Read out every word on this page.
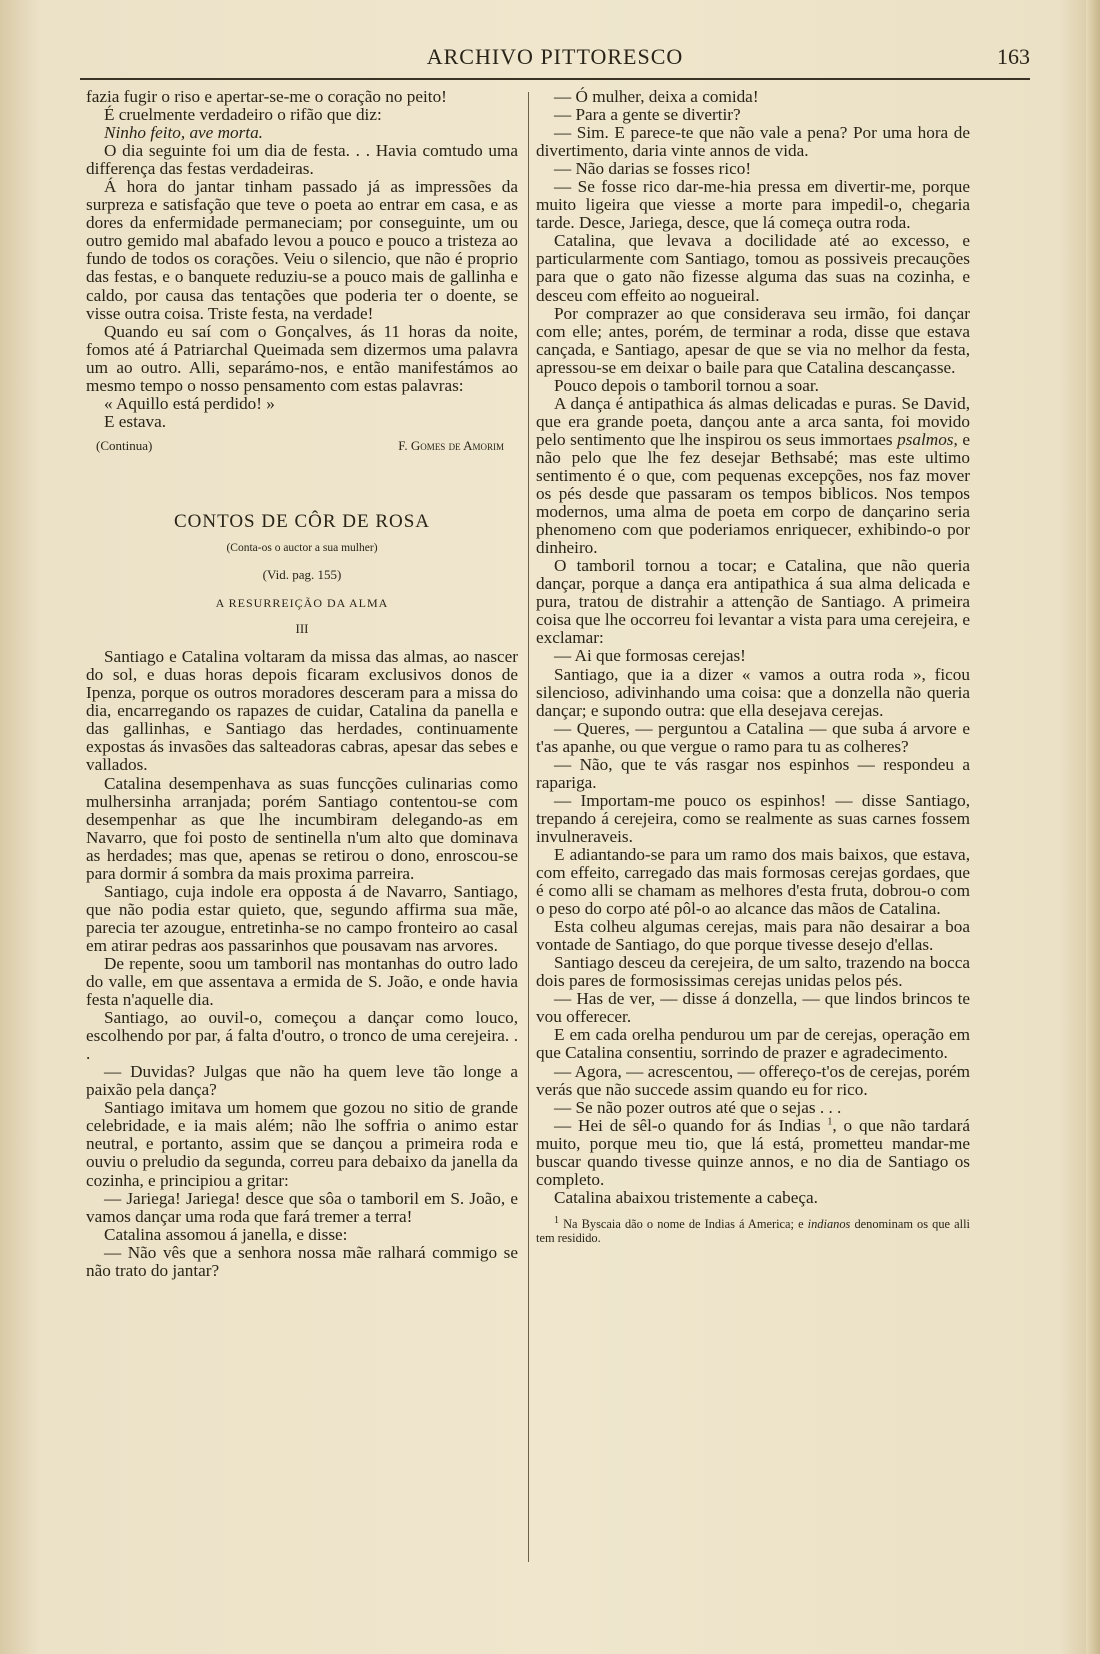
ARCHIVO PITTORESCO	163

fazia fugir o riso e apertar-se-me o coração no peito!

É cruelmente verdadeiro o rifão que diz:

Ninho feito, ave morta.

O dia seguinte foi um dia de festa. . . Havia comtudo uma differença das festas verdadeiras.

Á hora do jantar tinham passado já as impressões da surpreza e satisfação que teve o poeta ao entrar em casa, e as dores da enfermidade permaneciam; por conseguinte, um ou outro gemido mal abafado levou a pouco e pouco a tristeza ao fundo de todos os corações. Veiu o silencio, que não é proprio das festas, e o banquete reduziu-se a pouco mais de gallinha e caldo, por causa das tentações que poderia ter o doente, se visse outra coisa. Triste festa, na verdade!

Quando eu saí com o Gonçalves, ás 11 horas da noite, fomos até á Patriarchal Queimada sem dizermos uma palavra um ao outro. Alli, separámo-nos, e então manifestámos ao mesmo tempo o nosso pensamento com estas palavras:

« Aquillo está perdido! »

E estava.

(Continua)	F. Gomes de Amorim
CONTOS DE CÔR DE ROSA
(Conta-os o auctor a sua mulher)
(Vid. pag. 155)
A RESURREIÇÃO DA ALMA
III

Santiago e Catalina voltaram da missa das almas, ao nascer do sol, e duas horas depois ficaram exclusivos donos de Ipenza, porque os outros moradores desceram para a missa do dia, encarregando os rapazes de cuidar, Catalina da panella e das gallinhas, e Santiago das herdades, continuamente expostas ás invasões das salteadoras cabras, apesar das sebes e vallados.

Catalina desempenhava as suas funcções culinarias como mulhersinha arranjada; porém Santiago contentou-se com desempenhar as que lhe incumbiram delegando-as em Navarro, que foi posto de sentinella n'um alto que dominava as herdades; mas que, apenas se retirou o dono, enroscou-se para dormir á sombra da mais proxima parreira.

Santiago, cuja indole era opposta á de Navarro, Santiago, que não podia estar quieto, que, segundo affirma sua mãe, parecia ter azougue, entretinha-se no campo fronteiro ao casal em atirar pedras aos passarinhos que pousavam nas arvores.

De repente, soou um tamboril nas montanhas do outro lado do valle, em que assentava a ermida de S. João, e onde havia festa n'aquelle dia.

Santiago, ao ouvil-o, começou a dançar como louco, escolhendo por par, á falta d'outro, o tronco de uma cerejeira. . .

— Duvidas? Julgas que não ha quem leve tão longe a paixão pela dança?

Santiago imitava um homem que gozou no sitio de grande celebridade, e ia mais além; não lhe soffria o animo estar neutral, e portanto, assim que se dançou a primeira roda e ouviu o preludio da segunda, correu para debaixo da janella da cozinha, e principiou a gritar:

— Jariega! Jariega! desce que sôa o tamboril em S. João, e vamos dançar uma roda que fará tremer a terra!

Catalina assomou á janella, e disse:

— Não vês que a senhora nossa mãe ralhará commigo se não trato do jantar?

— Ó mulher, deixa a comida!

— Para a gente se divertir?

— Sim. E parece-te que não vale a pena? Por uma hora de divertimento, daria vinte annos de vida.

— Não darias se fosses rico!

— Se fosse rico dar-me-hia pressa em divertir-me, porque muito ligeira que viesse a morte para impedil-o, chegaria tarde. Desce, Jariega, desce, que lá começa outra roda.

Catalina, que levava a docilidade até ao excesso, e particularmente com Santiago, tomou as possiveis precauções para que o gato não fizesse alguma das suas na cozinha, e desceu com effeito ao nogueiral.

Por comprazer ao que considerava seu irmão, foi dançar com elle; antes, porém, de terminar a roda, disse que estava cançada, e Santiago, apesar de que se via no melhor da festa, apressou-se em deixar o baile para que Catalina descançasse.

Pouco depois o tamboril tornou a soar.

A dança é antipathica ás almas delicadas e puras. Se David, que era grande poeta, dançou ante a arca santa, foi movido pelo sentimento que lhe inspirou os seus immortaes psalmos, e não pelo que lhe fez desejar Bethsabé; mas este ultimo sentimento é o que, com pequenas excepções, nos faz mover os pés desde que passaram os tempos biblicos. Nos tempos modernos, uma alma de poeta em corpo de dançarino seria phenomeno com que poderiamos enriquecer, exhibindo-o por dinheiro.

O tamboril tornou a tocar; e Catalina, que não queria dançar, porque a dança era antipathica á sua alma delicada e pura, tratou de distrahir a attenção de Santiago. A primeira coisa que lhe occorreu foi levantar a vista para uma cerejeira, e exclamar:

— Ai que formosas cerejas!

Santiago, que ia a dizer « vamos a outra roda », ficou silencioso, adivinhando uma coisa: que a donzella não queria dançar; e supondo outra: que ella desejava cerejas.

— Queres, — perguntou a Catalina — que suba á arvore e t'as apanhe, ou que vergue o ramo para tu as colheres?

— Não, que te vás rasgar nos espinhos — respondeu a rapariga.

— Importam-me pouco os espinhos! — disse Santiago, trepando á cerejeira, como se realmente as suas carnes fossem invulneraveis.

E adiantando-se para um ramo dos mais baixos, que estava, com effeito, carregado das mais formosas cerejas gordaes, que é como alli se chamam as melhores d'esta fruta, dobrou-o com o peso do corpo até pôl-o ao alcance das mãos de Catalina.

Esta colheu algumas cerejas, mais para não desairar a boa vontade de Santiago, do que porque tivesse desejo d'ellas.

Santiago desceu da cerejeira, de um salto, trazendo na bocca dois pares de formosissimas cerejas unidas pelos pés.

— Has de ver, — disse á donzella, — que lindos brincos te vou offerecer.

E em cada orelha pendurou um par de cerejas, operação em que Catalina consentiu, sorrindo de prazer e agradecimento.

— Agora, — acrescentou, — offereço-t'os de cerejas, porém verás que não succede assim quando eu for rico.

— Se não pozer outros até que o sejas . . .

— Hei de sêl-o quando for ás Indias $^1$, o que não tardará muito, porque meu tio, que lá está, prometteu mandar-me buscar quando tivesse quinze annos, e no dia de Santiago os completo.

Catalina abaixou tristemente a cabeça.

$^1$ Na Byscaia dão o nome de Indias á America; e indianos denominam os que alli tem residido.
